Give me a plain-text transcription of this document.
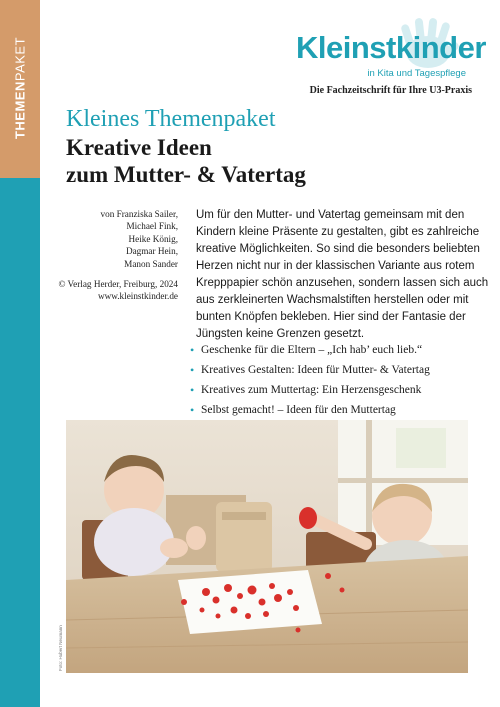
THEMENPAKET	Kleinstkinder
in Kita und Tagespflege
Die Fachzeitschrift für Ihre U3-Praxis
Kleines Themenpaket
Kreative Ideen
zum Mutter- & Vatertag
von Franziska Sailer,
Michael Fink,
Heike König,
Dagmar Hein,
Manon Sander
© Verlag Herder, Freiburg, 2024
www.kleinstkinder.de
Um für den Mutter- und Vatertag gemeinsam mit den
Kindern kleine Präsente zu gestalten, gibt es zahlreiche
kreative Möglichkeiten. So sind die besonders beliebten
Herzen nicht nur in der klassischen Variante aus rotem
Krepppapier schön anzusehen, sondern lassen sich auch
aus zerkleinerten Wachsmalstiften herstellen oder mit
bunten Knöpfen bekleben. Hier sind der Fantasie der
Jüngsten keine Grenzen gesetzt.
• Geschenke für die Eltern – „Ich hab’ euch lieb.“
• Kreatives Gestalten: Ideen für Mutter- & Vatertag
• Kreatives zum Muttertag: Ein Herzensgeschenk
• Selbst gemacht! – Ideen für den Muttertag
Foto: Hubert Neumann
